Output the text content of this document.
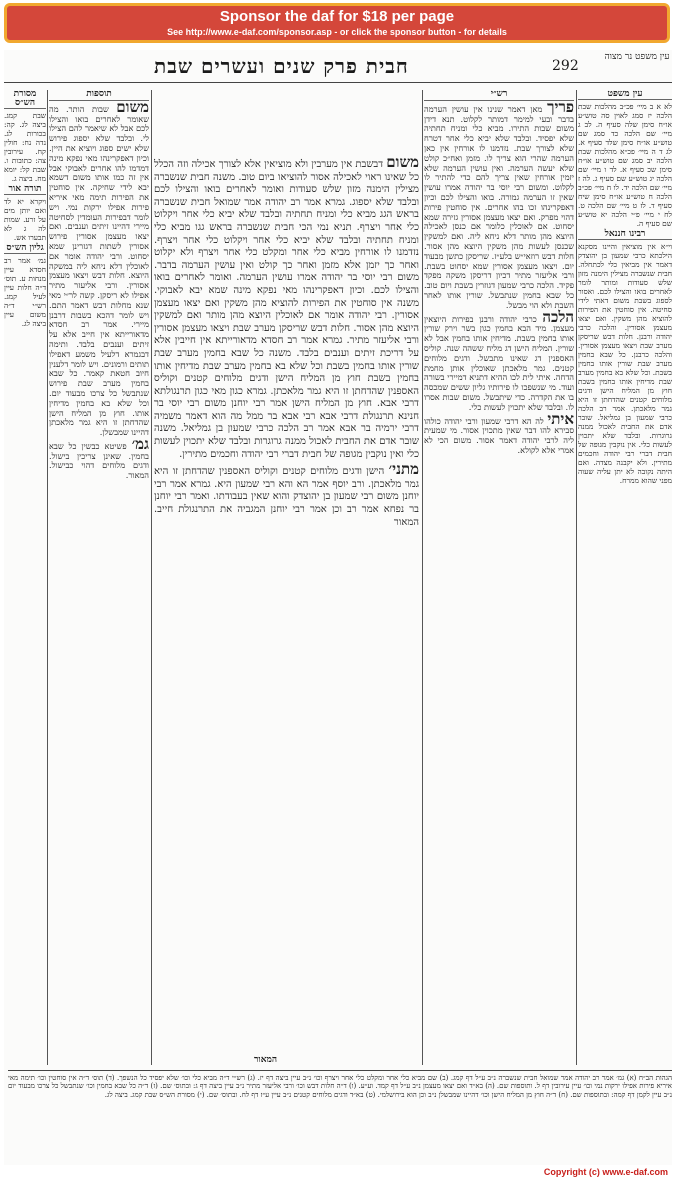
Sponsor the daf for $18 per page
See http://www.e-daf.com/sponsor.asp - or click the sponsor button - for details
חבית פרק שנים ועשרים שבת	292
עין משפט נר מצוה
עין משפט

לא א ב מיי׳ פכ״ב מהלכות שבת הלכה יז סמג לאוין סה טוש״ע או״ח סימן שלה סעיף ה. לב ג מיי׳ שם הלכה כד סמג שם טוש״ע או״ח סימן שלד סעיף א. לג ד ה מיי׳ פכ״א מהלכות שבת הלכה יב סמג שם טוש״ע או״ח סימן שכ סעיף א. לד ו מיי׳ שם הלכה יג טוש״ע שם סעיף ג. לה ז מיי׳ שם הלכה יד. לו ח מיי׳ פכ״ב הלכה ח טוש״ע או״ח סימן שיח סעיף ד. לז ט מיי׳ שם הלכה ט. לח י מיי׳ פ״י הלכה יא טוש״ע שם סעיף ה.

רבינו חננאל

וי״א אין מוציאין והיינו מסקנא הילכתא כרבי שמעון בן יהוצדק דאמר אין מביאין כלי לכתחלה. חבית שנשברה מצילין הימנה מזון שלש סעודות ומותר לומר לאחרים בואו והצילו לכם. ואסור לספוג בשבת משום דאתי לידי סחיטה. אין סוחטין את הפירות להוציא מהן משקין. ואם יצאו מעצמן אסורין. והלכה כרבי יהודה ורבנן. חלות דבש שריסקן מערב שבת ויצאו מעצמן אסורין. והלכה כרבנן. כל שבא בחמין מערב שבת שורין אותו בחמין בשבת. וכל שלא בא בחמין מערב שבת מדיחין אותו בחמין בשבת חוץ מן המליח הישן ודגים מלוחים קטנים שהדחתן זו היא גמר מלאכתן. אמר רב הלכה כרבי שמעון בן גמליאל. שובר אדם את החבית לאכול ממנה גרוגרות. ובלבד שלא יתכוין לעשות כלי. אין נוקבין מגופה של חבית דברי רבי יהודה וחכמים מתירין. ולא יקבנה מצדה. ואם היתה נקובה לא יתן עליה שעוה מפני שהוא ממרח.

רש״י

פריך מאן דאמר שנינו אין עושין הערמה בדבר ובעי למימר דמותר לקלוט. תנא דידן משום שבות התירו. מביא כלי ומניח תחתיה שלא יפסיד. ובלבד שלא יביא כלי אחר דטרח שלא לצורך שבת. נזדמנו לו אורחין אין כאן הערמה שהרי הוא צריך לו. מזמן ואח״כ קולט שלא יעשה הערמה. ואין עושין הערמה שלא יזמין אורחין שאין צריך להם כדי להתיר לו לקלוט. ומשום רבי יוסי בר יהודה אמרו עושין שאין זו הערמה גמורה. בואו והצילו לכם וכיון דאפקרינהו זכו בהו אחרים. אין סוחטין פירות דהוי מפרק. ואם יצאו מעצמן אסורין גזירה שמא יסחוט. אם לאוכלין כלומר אם כנסן לאכילה היוצא מהן מותר דלא ניחא ליה. ואם למשקין שכנסן לעשות מהן משקין היוצא מהן אסור. חלות דבש רוזאי״ש בלע״ז. שריסקן כתשן מבעוד יום. ויצאו מעצמן אסורין שמא יסחוט בשבת. ורבי אליעזר מתיר דכיון דריסקן משקה מפקד פקיד. הלכה כרבי שמעון דגוזרין בשבת ויום טוב. כל שבא בחמין שנתבשל. שורין אותו לאחר השבת ולא הוי מבשל.

הלכה כרבי יהודה ורבנן בפירות היוצאין מעצמן. מיד הבא בחמין כגון בשר וירק שורין אותו בחמין בשבת. מדיחין אותו בחמין אבל לא שורין. המליח הישן דג מליח ששהה שנה. קוליס האספנין דג שאינו מתבשל. ודגים מלוחים קטנים. גמר מלאכתן שאוכלין אותן מחמת הדחה. איתי לית לכו ההיא דתניא דמיירי בשורה ועוד. מי שנשפכו לו פירותיו גליון ששים שמכסה בו את הקדרה. כדי שיתבשל. משום שבות אסרו לו. ובלבד שלא יתכוין לעשות כלי.

איתי לה הא דרבי שמעון ורבי יהודה כולהו סבירא להו דבר שאין מתכוין אסור. מי שמעית ליה לרבי יהודה דאמר אסור. משום הכי לא אמרי אלא לקולא.

משום דבשבת אין מערבין ולא מוציאין אלא לצורך אכילה וזה הכלל כל שאינו ראוי לאכילה אסור להוציאו ביום טוב. משנה חבית שנשברה מצילין הימנה מזון שלש סעודות ואומר לאחרים בואו והצילו לכם ובלבד שלא יספוג. גמרא אמר רב יהודה אמר שמואל חבית שנשברה בראש הגג מביא כלי ומניח תחתיה ובלבד שלא יביא כלי אחר ויקלוט כלי אחר ויצרף. תניא נמי הכי חבית שנשברה בראש גגו מביא כלי ומניח תחתיה ובלבד שלא יביא כלי אחר ויקלוט כלי אחר ויצרף. נזדמנו לו אורחין מביא כלי אחר ומקלט כלי אחר ויצרף ולא יקלוט ואחר כך יזמן אלא מזמן ואחר כך קולט ואין עושין הערמה בדבר. משום רבי יוסי בר יהודה אמרו עושין הערמה. ואומר לאחרים בואו והצילו לכם. וכיון דאפקרינהו מאי נפקא מינה שמא יבא לאבוקי. משנה אין סוחטין את הפירות להוציא מהן משקין ואם יצאו מעצמן אסורין. רבי יהודה אומר אם לאוכלין היוצא מהן מותר ואם למשקין היוצא מהן אסור. חלות דבש שריסקן מערב שבת ויצאו מעצמן אסורין ורבי אליעזר מתיר. גמרא אמר רב חסדא מדאורייתא אין חייבין אלא על דריכת זיתים וענבים בלבד. משנה כל שבא בחמין מערב שבת שורין אותו בחמין בשבת וכל שלא בא בחמין מערב שבת מדיחין אותו בחמין בשבת חוץ מן המליח הישן ודגים מלוחים קטנים וקוליס האספנין שהדחתן זו היא גמר מלאכתן. גמרא כגון מאי כגון תרנגולתא דרבי אבא. חוץ מן המליח הישן אמר רבי יוחנן משום רבי יוסי בר חנינא תרנגולת דרבי אבא רבי אבא בר ממל מה הוא דאמר משמיה דרבי ירמיה בר אבא אמר רב הלכה כרבי שמעון בן גמליאל. משנה שובר אדם את החבית לאכול ממנה גרוגרות ובלבד שלא יתכוין לעשות כלי ואין נוקבין מגופה של חבית דברי רבי יהודה וחכמים מתירין.

מתני׳ הישן ודגים מלוחים קטנים וקוליס האספנין שהדחתן זו היא גמר מלאכתן. ורב יוסף אמר הא והא רבי שמעון היא. גמרא אמר רבי יוחנן משום רבי שמעון בן יהוצדק והוא שאין בעבודתו. ואמר רבי יוחנן בר נפחא אמר רב וכן אמר רבי יוחנן המגביה את התרנגולת חייב. המאור

תוספות

משום שבות הותר. מה שאומר לאחרים בואו והצילו לכם אבל לא שיאמר להם הצילו לי. ובלבד שלא יספוג פירוש שלא ישים ספוג ויוציא את היין. וכיון דאפקרינהו מאי נפקא מינה דמדמו להו אחרים לאבוקי אבל אין זה כמו אותו משום דשמא יבא לידי שחיקה. אין סוחטין את הפירות תימה מאי איריא פירות אפילו ירקות נמי. ויש לומר דבפירות העומדין לסחיטה מיירי דהיינו זיתים וענבים. ואם יצאו מעצמן אסורין פירוש אסורין לשתות דגזרינן שמא יסחוט. ורבי יהודה אומר אם לאוכלין דלא ניחא ליה במשקה היוצא. חלות דבש ויצאו מעצמן אסורין. ורבי אליעזר מתיר אפילו לא ריסקן. קשה לר״י מאי שנא מחלות דבש דאמר התם. ויש לומר דהכא בשבות דרבנן מיירי. אמר רב חסדא מדאורייתא אין חייב אלא על זיתים וענבים בלבד. ותימה דבגמרא דלעיל משמע דאפילו תותים ורמונים. ויש לומר דלענין חיוב חטאת קאמר. כל שבא בחמין מערב שבת פירוש שנתבשל כל צרכו מבעוד יום. וכל שלא בא בחמין מדיחין אותו. חוץ מן המליח הישן שהדחתן זו היא גמר מלאכתן דהיינו שמבשלן.

גמ׳ פשיטא כבשין כל שבא בחמין. שאינן צריכין בישול. ודגים מלוחים דהוי כבישול. המאור.

מסורת הש״ס

שבת קמג. ביצה לג. קה: בכורות לג. נדה נח: חולין קח. עירובין צה: כתובות ו. שבת קל: יומא מח. ביצה ג.

תורה אור

ויקרא יא לד ואם יותן מים על זרע. שמות לה ג לא תבערו אש.

גליון הש״ס

גמ׳ אמר רב חסדא עיין מנחות ע. תוס׳ ד״ה חלות עיין לעיל קמג. רש״י ד״ה משום עיין ביצה לג.

המאור
הגהות הב״ח (א) גמ׳ אמר רב יהודה אמר שמואל חבית שנשברה נ״ב ע״ל דף קמג. (ב) שם מביא כלי אחר ומקלט כלי אחר ויצרף וכו׳ נ״ב עיין ביצה דף יז. (ג) רש״י ד״ה מביא כלי וכו׳ שלא יפסיד כל הנשפך. (ד) תוס׳ ד״ה אין סוחטין וכו׳ תימה מאי איריא פירות אפילו ירקות נמי וכו׳ עיין עירובין דף ל. ותוספות שם. (ה) בא״ד ואם יצאו מעצמן נ״ב ע״ל דף קמד. וע״ע. (ו) ד״ה חלות דבש וכו׳ ורבי אליעזר מתיר נ״ב עיין ביצה דף ג: ובתוס׳ שם. (ז) ד״ה כל שבא בחמין וכו׳ שנתבשל כל צרכו מבעוד יום נ״ב עיין לקמן דף קמה: ובתוספות שם. (ח) ד״ה חוץ מן המליח הישן וכו׳ דהיינו שמבשלן נ״ב וכן הוא בירושלמי. (ט) בא״ד ודגים מלוחים קטנים נ״ב עיין ע״ז דף לח. ובתוס׳ שם. (י) מסורת הש״ס שבת קמג. ביצה לג.
Copyright (c) www.e-daf.com
